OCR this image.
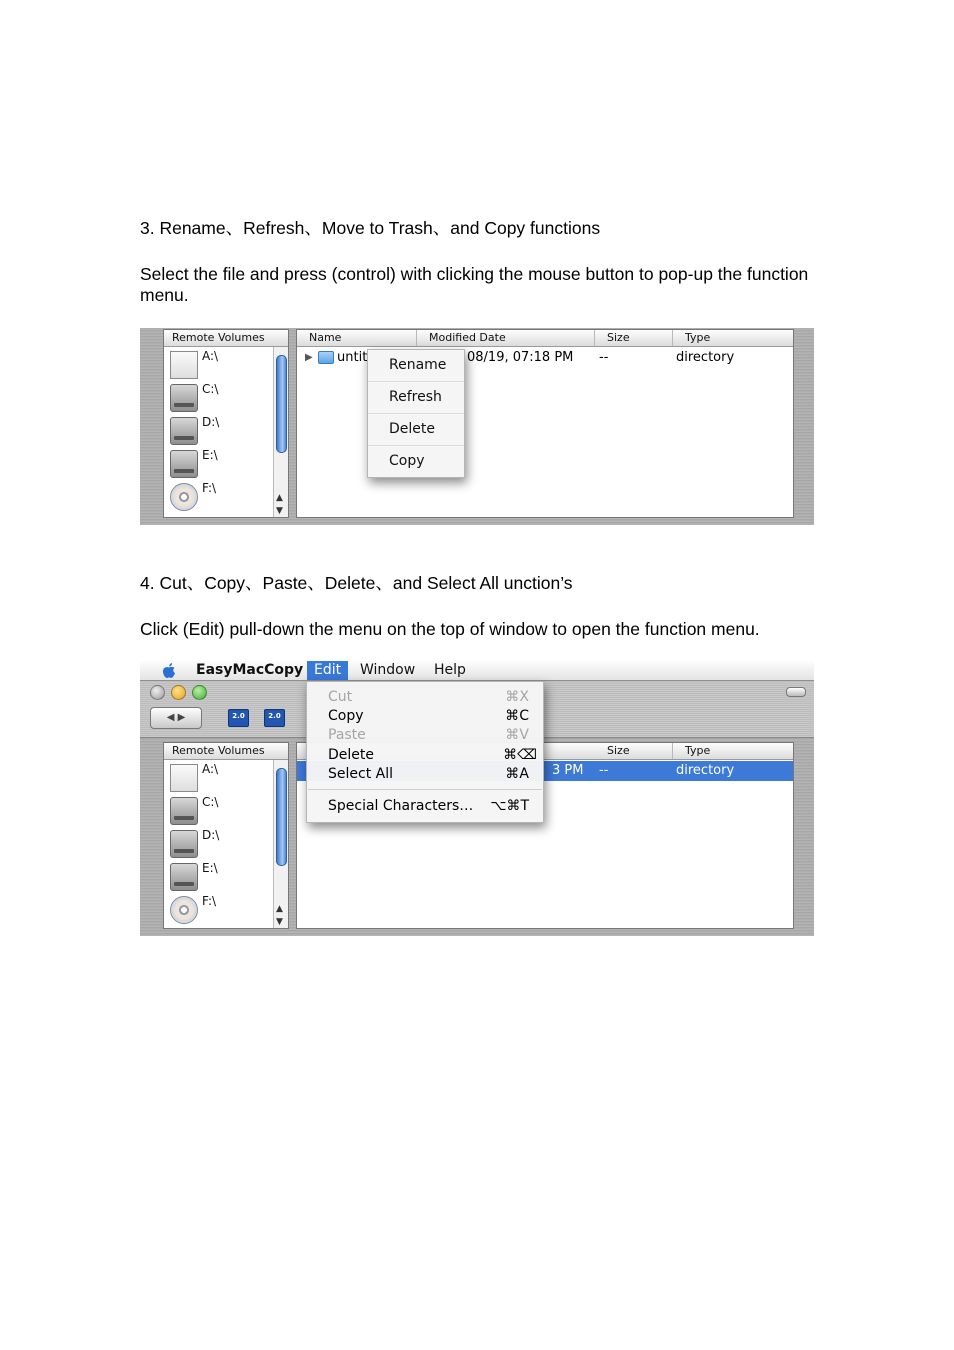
3. Rename、Refresh、Move to Trash、and Copy functions

Select the file and press (control) with clicking the mouse button to pop-up the function menu.

Remote Volumes
A:\
C:\
D:\
E:\
F:\
▲
▼
Name	Modified Date	Size	Type
▶ untit	08/19, 07:18 PM --	directory
Rename
Refresh
Delete
Copy

4. Cut、Copy、Paste、Delete、and Select All unction’s

Click (Edit) pull-down the menu on the top of window to open the function menu.

EasyMacCopy Edit	Window	Help
◀ ▶	2.0	2.0
Remote Volumes
A:\
C:\
D:\
E:\
F:\
▲
▼
Size	Type
3 PM --	directory
Cut	⌘X
Copy	⌘C
Paste	⌘V
Delete	⌘⌫
Select All	⌘A
Special Characters… ⌥⌘T
